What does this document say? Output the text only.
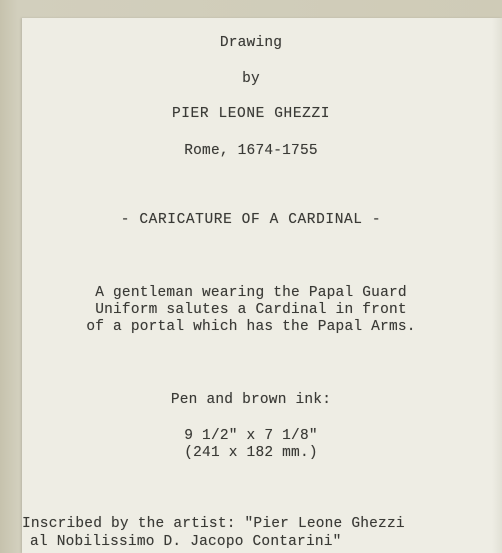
Drawing
by
PIER LEONE GHEZZI
Rome, 1674-1755
- CARICATURE OF A CARDINAL -
A gentleman wearing the Papal Guard
Uniform salutes a Cardinal in front
of a portal which has the Papal Arms.
Pen and brown ink:
9 1/2" x 7 1/8"
(241 x 182 mm.)
Inscribed by the artist: "Pier Leone Ghezzi
al Nobilissimo D. Jacopo Contarini"
